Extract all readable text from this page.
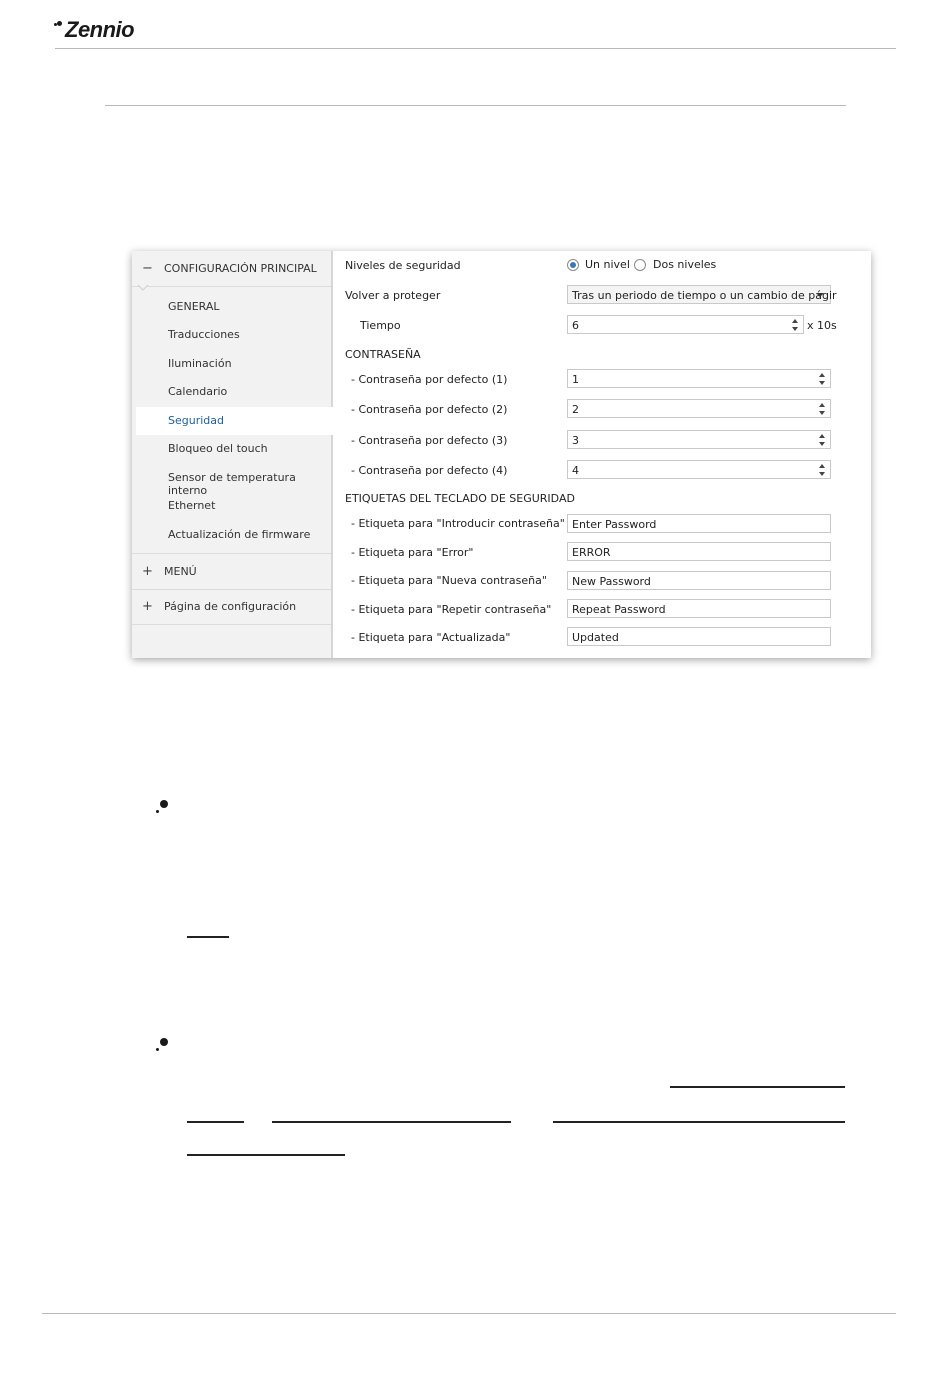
Zennio
− CONFIGURACIÓN PRINCIPAL
GENERAL
Traducciones
Iluminación
Calendario
Seguridad
Bloqueo del touch
Sensor de temperatura interno
Ethernet
Actualización de firmware
+ MENÚ
+ Página de configuración
Niveles de seguridad	Un nivel Dos niveles
Volver a proteger	Tras un periodo de tiempo o un cambio de págir
Tiempo	6	x 10s
CONTRASEÑA
- Contraseña por defecto (1)	1
- Contraseña por defecto (2)	2
- Contraseña por defecto (3)	3
- Contraseña por defecto (4)	4
ETIQUETAS DEL TECLADO DE SEGURIDAD
- Etiqueta para "Introducir contraseña" Enter Password
- Etiqueta para "Error"	ERROR
- Etiqueta para "Nueva contraseña" New Password
- Etiqueta para "Repetir contraseña" Repeat Password
- Etiqueta para "Actualizada"	Updated
